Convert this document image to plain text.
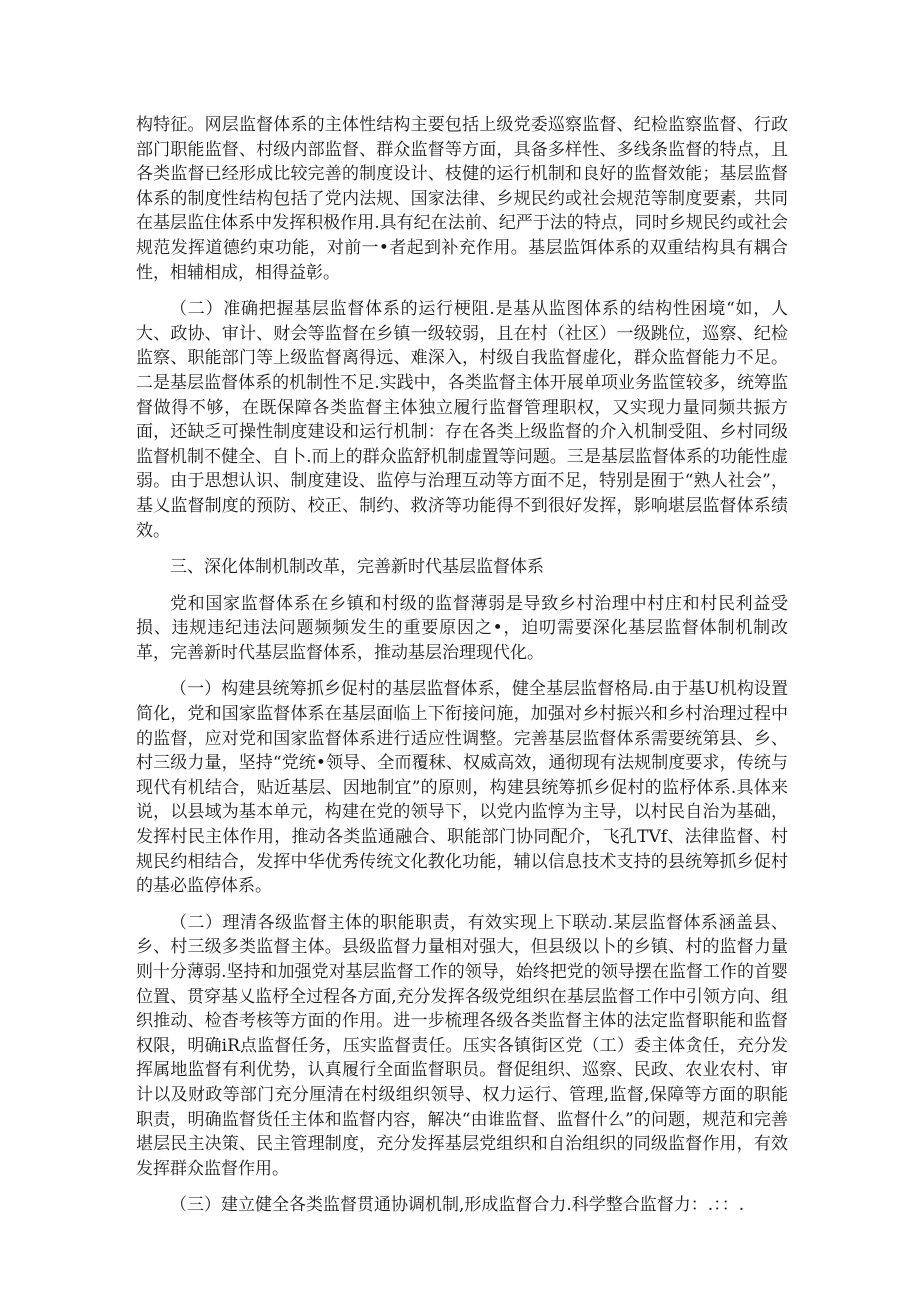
构特征。网层监督体系的主体性结构主要包括上级党委巡察监督、纪检监察监督、行政部门职能监督、村级内部监督、群众监督等方面，具备多样性、多线条监督的特点，且各类监督已经形成比较完善的制度设计、枝健的运行机制和良好的监督效能；基层监督体系的制度性结构包括了党内法规、国家法律、乡规民约或社会规范等制度要素，共同在基层监住体系中发挥积极作用.具有纪在法前、纪严于法的特点，同时乡规民约或社会规范发挥道德约束功能，对前一•者起到补充作用。基层监饵体系的双重结构具有耦合性，相辅相成，相得益彰。

（二）准确把握基层监督体系的运行梗阻.是基从监图体系的结构性困境“如，人大、政协、审计、财会等监督在乡镇一级较弱，且在村（社区）一级跳位，巡察、纪检监察、职能部门等上级监督离得远、难深入，村级自我监督虚化，群众监督能力不足。二是基层监督体系的机制性不足.实践中，各类监督主体开展单项业务监筐较多，统筹监督做得不够，在既保障各类监督主体独立履行监督管理职权，又实现力量同频共振方面，还缺乏可操性制度建设和运行机制：存在各类上级监督的介入机制受阻、乡村同级监督机制不健全、自卜.而上的群众监舒机制虚置等问题。三是基层监督体系的功能性虚弱。由于思想认识、制度建设、监停与治理互动等方面不足，特别是囿于“熟人社会”，基乂监督制度的预防、校正、制约、救济等功能得不到很好发挥，影响堪层监督体系绩效。

三、深化体制机制改革，完善新时代基层监督体系

党和国家监督体系在乡镇和村级的监督薄弱是导致乡村治理中村庄和村民利益受损、违规违纪违法问题频频发生的重要原因之•，迫叨需要深化基层监督体制机制改革，完善新时代基层监督体系，推动基层治理现代化。

（一）构建县统筹抓乡促村的基层监督体系，健全基层监督格局.由于基U机构设置简化，党和国家监督体系在基层面临上下衔接问施，加强对乡村振兴和乡村治理过程中的监督，应对党和国家监督体系进行适应性调整。完善基层监督体系需要统第县、乡、村三级力量，坚持“党统•领导、全而覆秣、权威高效，通彻现有法规制度要求，传统与现代有机结合，贴近基层、因地制宜”的原则，构建县统筹抓乡促村的监杼体系.具体来说，以县域为基本单元，构建在党的领导下，以党内监惇为主导，以村民自治为基础，发挥村民主体作用，推动各类监通融合、职能部门协同配介，飞孔TVf、法律监督、村规民约相结合，发挥中华优秀传统文化教化功能，辅以信息技术支持的县统筹抓乡促村的基必监停体系。

（二）理清各级监督主体的职能职责，有效实现上下联动.某层监督体系涵盖县、乡、村三级多类监督主体。县级监督力量相对强大，但县级以卜的乡镇、村的监督力量则十分薄弱.坚持和加强党对基层监督工作的领导，始终把党的领导摆在监督工作的首婴位置、贯穿基乂监杼全过程各方面,充分发挥各级党组织在基层监督工作中引领方向、组织推动、检杳考核等方面的作用。进一步梳理各级各类监督主体的法定监督职能和监督权限，明确iR点监督任务，压实监督责任。压实各镇街区党（工）委主体贪任，充分发挥属地监督有利优势，认真履行全面监督职员。督促组织、巡察、民政、农业农村、审计以及财政等部门充分厘清在村级组织领导、权力运行、管理,监督,保障等方面的职能职责，明确监督货任主体和监督内容，解决“由谁监督、监督什么”的问题，规范和完善堪层民主决策、民主管理制度，充分发挥基层党组织和自治组织的同级监督作用，有效发挥群众监督作用。

（三）建立健全各类监督贯通协调机制,形成监督合力.科学整合监督力：.：：.
